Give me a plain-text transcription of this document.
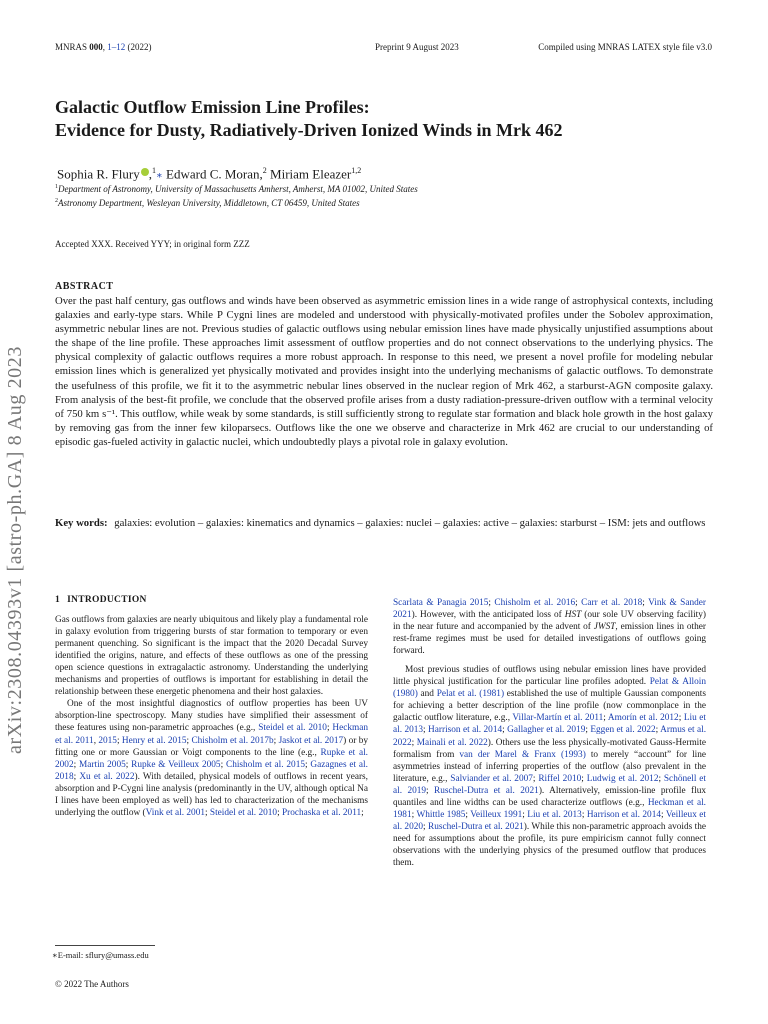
MNRAS 000, 1–12 (2022)	Preprint 9 August 2023	Compiled using MNRAS LATEX style file v3.0
arXiv:2308.04393v1 [astro-ph.GA] 8 Aug 2023
Galactic Outflow Emission Line Profiles:
Evidence for Dusty, Radiatively-Driven Ionized Winds in Mrk 462
Sophia R. Flury ,$^1$∗ Edward C. Moran,$^2$ Miriam Eleazer$^{1,2}$
$^1$Department of Astronomy, University of Massachusetts Amherst, Amherst, MA 01002, United States
$^2$Astronomy Department, Wesleyan University, Middletown, CT 06459, United States
Accepted XXX. Received YYY; in original form ZZZ
ABSTRACT

Over the past half century, gas outflows and winds have been observed as asymmetric emission lines in a wide range of astrophysical contexts, including galaxies and early-type stars. While P Cygni lines are modeled and understood with physically-motivated profiles under the Sobolev approximation, asymmetric nebular lines are not. Previous studies of galactic outflows using nebular emission lines have made physically unjustified assumptions about the shape of the line profile. These approaches limit assessment of outflow properties and do not connect observations to the underlying physics. The physical complexity of galactic outflows requires a more robust approach. In response to this need, we present a novel profile for modeling nebular emission lines which is generalized yet physically motivated and provides insight into the underlying mechanisms of galactic outflows. To demonstrate the usefulness of this profile, we fit it to the asymmetric nebular lines observed in the nuclear region of Mrk 462, a starburst-AGN composite galaxy. From analysis of the best-fit profile, we conclude that the observed profile arises from a dusty radiation-pressure-driven outflow with a terminal velocity of 750 km s⁻¹. This outflow, while weak by some standards, is still sufficiently strong to regulate star formation and black hole growth in the host galaxy by removing gas from the inner few kiloparsecs. Outflows like the one we observe and characterize in Mrk 462 are crucial to our understanding of episodic gas-fueled activity in galactic nuclei, which undoubtedly plays a pivotal role in galaxy evolution.

Key words: galaxies: evolution – galaxies: kinematics and dynamics – galaxies: nuclei – galaxies: active – galaxies: starburst – ISM: jets and outflows

1 INTRODUCTION

Gas outflows from galaxies are nearly ubiquitous and likely play a fundamental role in galaxy evolution from triggering bursts of star formation to temporary or even permanent quenching. So significant is the impact that the 2020 Decadal Survey identified the origins, nature, and effects of these outflows as one of the pressing open science questions in extragalactic astronomy. Understanding the underlying mechanisms and properties of outflows is important for establishing in detail the relationship between these energetic phenomena and their host galaxies.

One of the most insightful diagnostics of outflow properties has been UV absorption-line spectroscopy. Many studies have simplified their assessment of these features using non-parametric approaches (e.g., Steidel et al. 2010; Heckman et al. 2011, 2015; Henry et al. 2015; Chisholm et al. 2017b; Jaskot et al. 2017) or by fitting one or more Gaussian or Voigt components to the line (e.g., Rupke et al. 2002; Martin 2005; Rupke & Veilleux 2005; Chisholm et al. 2015; Gazagnes et al. 2018; Xu et al. 2022). With detailed, physical models of outflows in recent years, absorption and P-Cygni line analysis (predominantly in the UV, although optical Na I lines have been employed as well) has led to characterization of the mechanisms underlying the outflow (Vink et al. 2001; Steidel et al. 2010; Prochaska et al. 2011;

Scarlata & Panagia 2015; Chisholm et al. 2016; Carr et al. 2018; Vink & Sander 2021). However, with the anticipated loss of HST (our sole UV observing facility) in the near future and accompanied by the advent of JWST, emission lines in other rest-frame regimes must be used for detailed investigations of outflows going forward.

Most previous studies of outflows using nebular emission lines have provided little physical justification for the particular line profiles adopted. Pelat & Alloin (1980) and Pelat et al. (1981) established the use of multiple Gaussian components for achieving a better description of the line profile (now commonplace in the galactic outflow literature, e.g., Villar-Martín et al. 2011; Amorín et al. 2012; Liu et al. 2013; Harrison et al. 2014; Gallagher et al. 2019; Eggen et al. 2022; Armus et al. 2022; Mainali et al. 2022). Others use the less physically-motivated Gauss-Hermite formalism from van der Marel & Franx (1993) to merely “account” for line asymmetries instead of inferring properties of the outflow (also prevalent in the literature, e.g., Salviander et al. 2007; Riffel 2010; Ludwig et al. 2012; Schönell et al. 2019; Ruschel-Dutra et al. 2021). Alternatively, emission-line profile flux quantiles and line widths can be used characterize outflows (e.g., Heckman et al. 1981; Whittle 1985; Veilleux 1991; Liu et al. 2013; Harrison et al. 2014; Veilleux et al. 2020; Ruschel-Dutra et al. 2021). While this non-parametric approach avoids the need for assumptions about the profile, its pure empiricism cannot fully connect observations with the underlying physics of the presumed outflow that produces them.

∗E-mail: sflury@umass.edu
© 2022 The Authors
